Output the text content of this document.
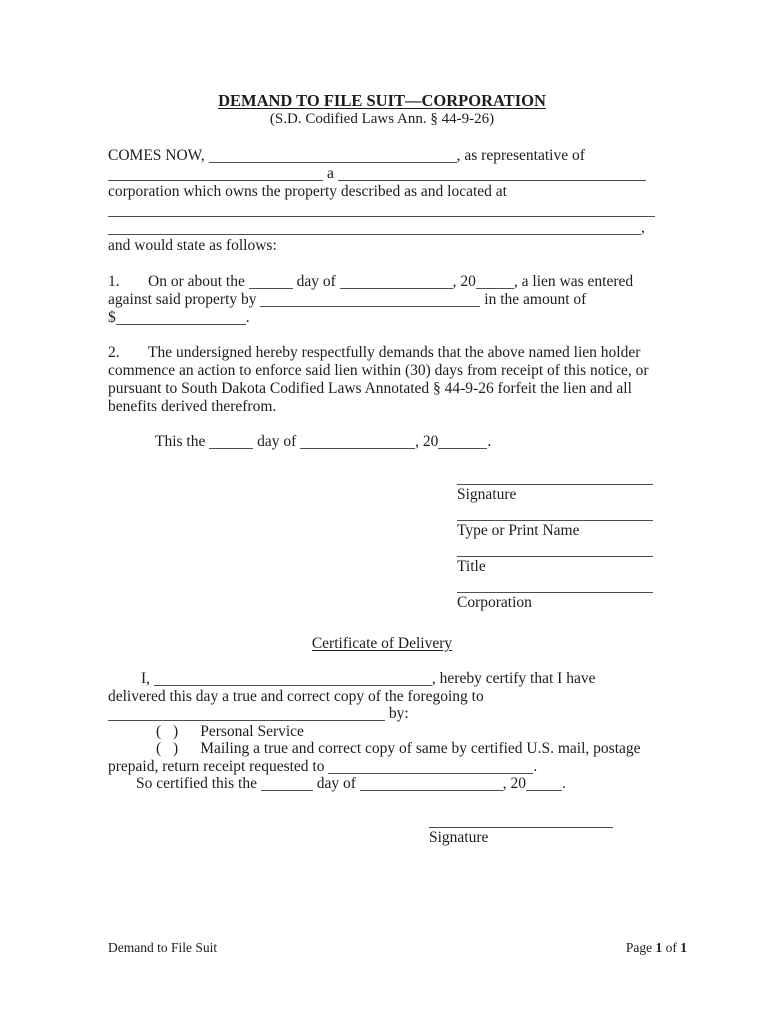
DEMAND TO FILE SUIT—CORPORATION
(S.D. Codified Laws Ann. § 44-9-26)
COMES NOW,	, as representative of
a
corporation which owns the property described as and located at
,
and would state as follows:
1. On or about the	day of	, 20 , a lien was entered
against said property by	in the amount of
$	.
2. The undersigned hereby respectfully demands that the above named lien holder
commence an action to enforce said lien within (30) days from receipt of this notice, or
pursuant to South Dakota Codified Laws Annotated § 44-9-26 forfeit the lien and all
benefits derived therefrom.
This the	day of	, 20	.
Signature
Type or Print Name
Title
Corporation
Certificate of Delivery
I,	, hereby certify that I have
delivered this day a true and correct copy of the foregoing to
by:
( ) Personal Service
( ) Mailing a true and correct copy of same by certified U.S. mail, postage
prepaid, return receipt requested to	.
So certified this the	day of	, 20 .
Signature
Demand to File Suit	Page 1 of 1
